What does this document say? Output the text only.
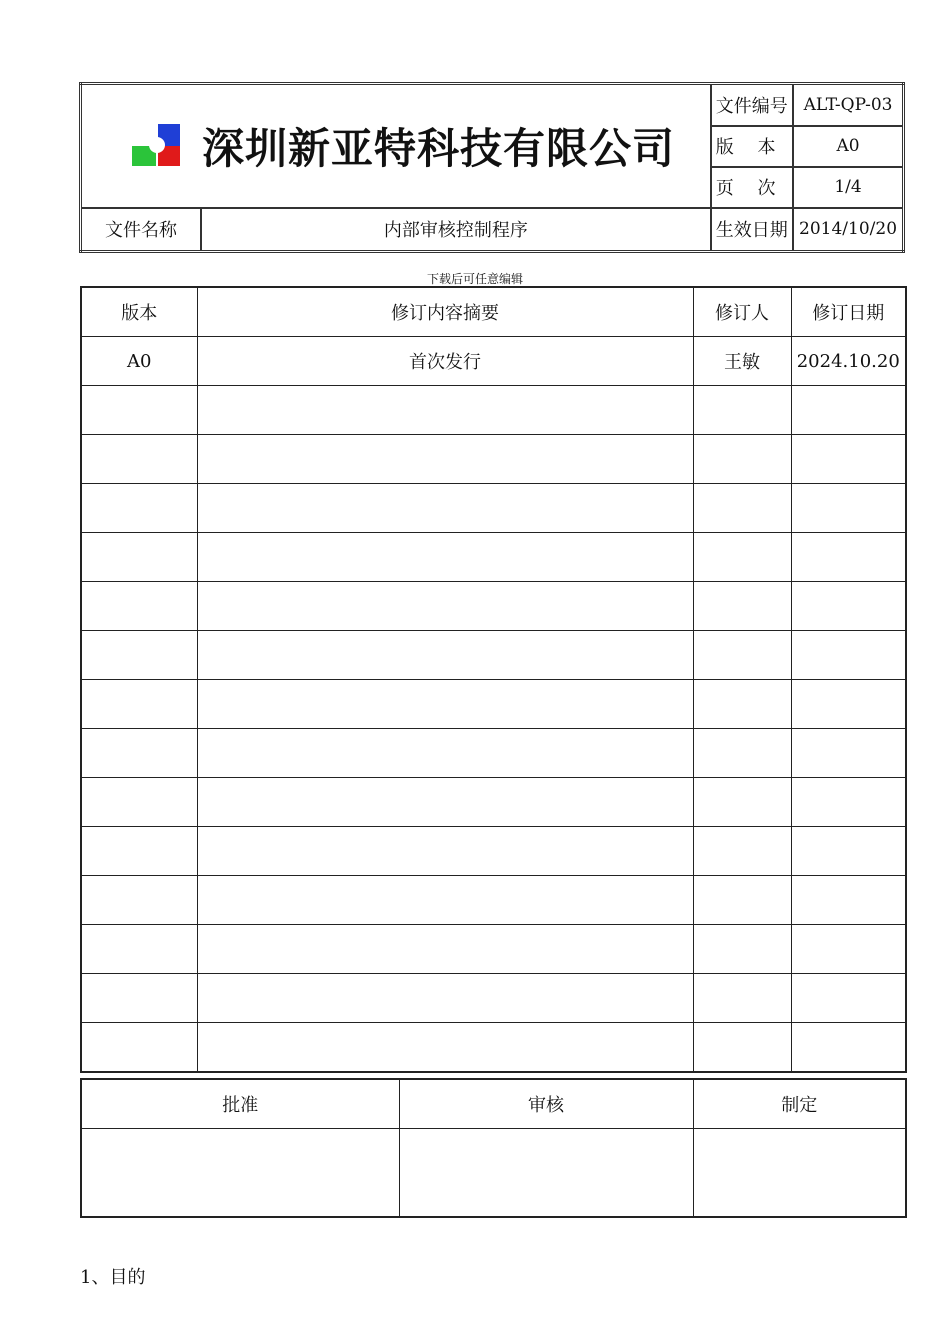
深圳新亚特科技有限公司		文件编号	ALT-QP-03
		版　 本	A0
		页　 次	1/4
文件名称	内部审核控制程序	生效日期	2014/10/20
下载后可任意编辑
版本	修订内容摘要	修订人	修订日期
A0	首次发行	王敏	2024.10.20

批准	审核	制定

1、目的
